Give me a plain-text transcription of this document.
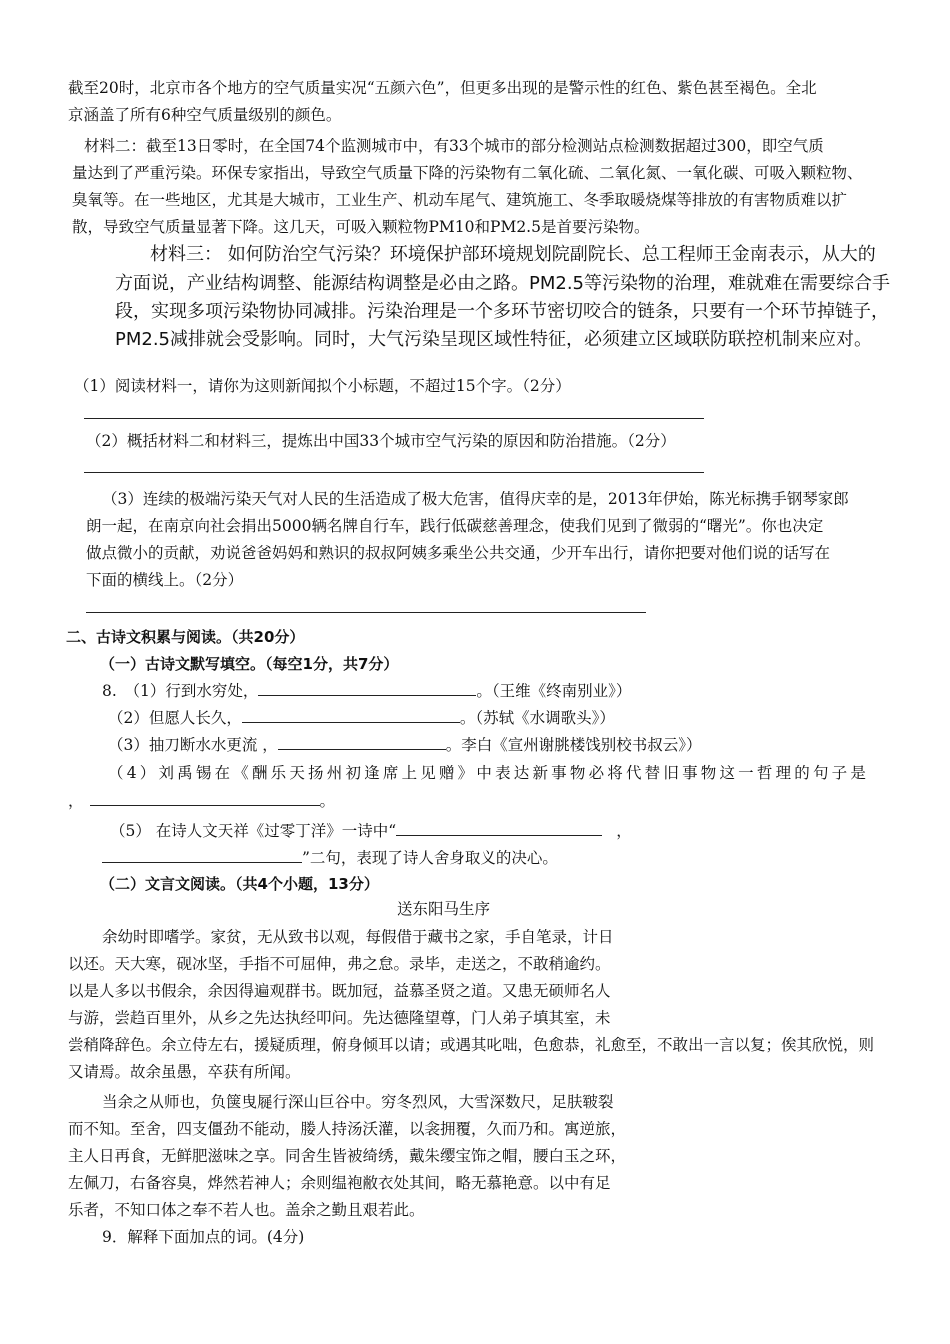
截至20时，北京市各个地方的空气质量实况“五颜六色”，但更多出现的是警示性的红色、紫色甚至褐色。全北
京涵盖了所有6种空气质量级别的颜色。
材料二：截至13日零时，在全国74个监测城市中，有33个城市的部分检测站点检测数据超过300，即空气质
量达到了严重污染。环保专家指出，导致空气质量下降的污染物有二氧化硫、二氧化氮、一氧化碳、可吸入颗粒物、
臭氧等。在一些地区，尤其是大城市，工业生产、机动车尾气、建筑施工、冬季取暖烧煤等排放的有害物质难以扩
散，导致空气质量显著下降。这几天，可吸入颗粒物PM10和PM2.5是首要污染物。
材料三： 如何防治空气污染？环境保护部环境规划院副院长、总工程师王金南表示，从大的
方面说，产业结构调整、能源结构调整是必由之路。PM2.5等污染物的治理，难就难在需要综合手
段，实现多项污染物协同减排。污染治理是一个多环节密切咬合的链条，只要有一个环节掉链子，
PM2.5减排就会受影响。同时，大气污染呈现区域性特征，必须建立区域联防联控机制来应对。
（1）阅读材料一，请你为这则新闻拟个小标题，不超过15个字。（2分）
（2）概括材料二和材料三，提炼出中国33个城市空气污染的原因和防治措施。（2分）
（3）连续的极端污染天气对人民的生活造成了极大危害，值得庆幸的是，2013年伊始，陈光标携手钢琴家郎
朗一起，在南京向社会捐出5000辆名牌自行车，践行低碳慈善理念，使我们见到了微弱的“曙光”。你也决定
做点微小的贡献，劝说爸爸妈妈和熟识的叔叔阿姨多乘坐公共交通，少开车出行，请你把要对他们说的话写在
下面的横线上。（2分）
二、古诗文积累与阅读。（共20分）
（一）古诗文默写填空。（每空1分，共7分）
8.　（1）行到水穷处，	。（王维《终南别业》）
（2）但愿人长久，	。（苏轼《水调歌头》）
（3）抽刀断水水更流 ，	。李白《宣州谢朓楼饯别校书叔云》）
（4）刘禹锡在《酬乐天扬州初逢席上见赠》中表达新事物必将代替旧事物这一哲理的句子是
，	。
（5） 在诗人文天祥《过零丁洋》一诗中“	，
”二句，表现了诗人舍身取义的决心。
（二）文言文阅读。（共4个小题，13分）
送东阳马生序
余幼时即嗜学。家贫，无从致书以观，每假借于藏书之家，手自笔录，计日
以还。天大寒，砚冰坚，手指不可屈伸，弗之怠。录毕，走送之，不敢稍逾约。
以是人多以书假余，余因得遍观群书。既加冠，益慕圣贤之道。又患无硕师名人
与游，尝趋百里外，从乡之先达执经叩问。先达德隆望尊，门人弟子填其室，未
尝稍降辞色。余立侍左右，援疑质理，俯身倾耳以请；或遇其叱咄，色愈恭，礼愈至，不敢出一言以复；俟其欣悦，则
又请焉。故余虽愚，卒获有所闻。
当余之从师也，负箧曳屣行深山巨谷中。穷冬烈风，大雪深数尺，足肤皲裂
而不知。至舍，四支僵劲不能动，媵人持汤沃灌，以衾拥覆，久而乃和。寓逆旅，
主人日再食，无鲜肥滋味之享。同舍生皆被绮绣，戴朱缨宝饰之帽，腰白玉之环，
左佩刀，右备容臭，烨然若神人；余则缊袍敝衣处其间，略无慕艳意。以中有足
乐者，不知口体之奉不若人也。盖余之勤且艰若此。
9．解释下面加点的词。(4分)
